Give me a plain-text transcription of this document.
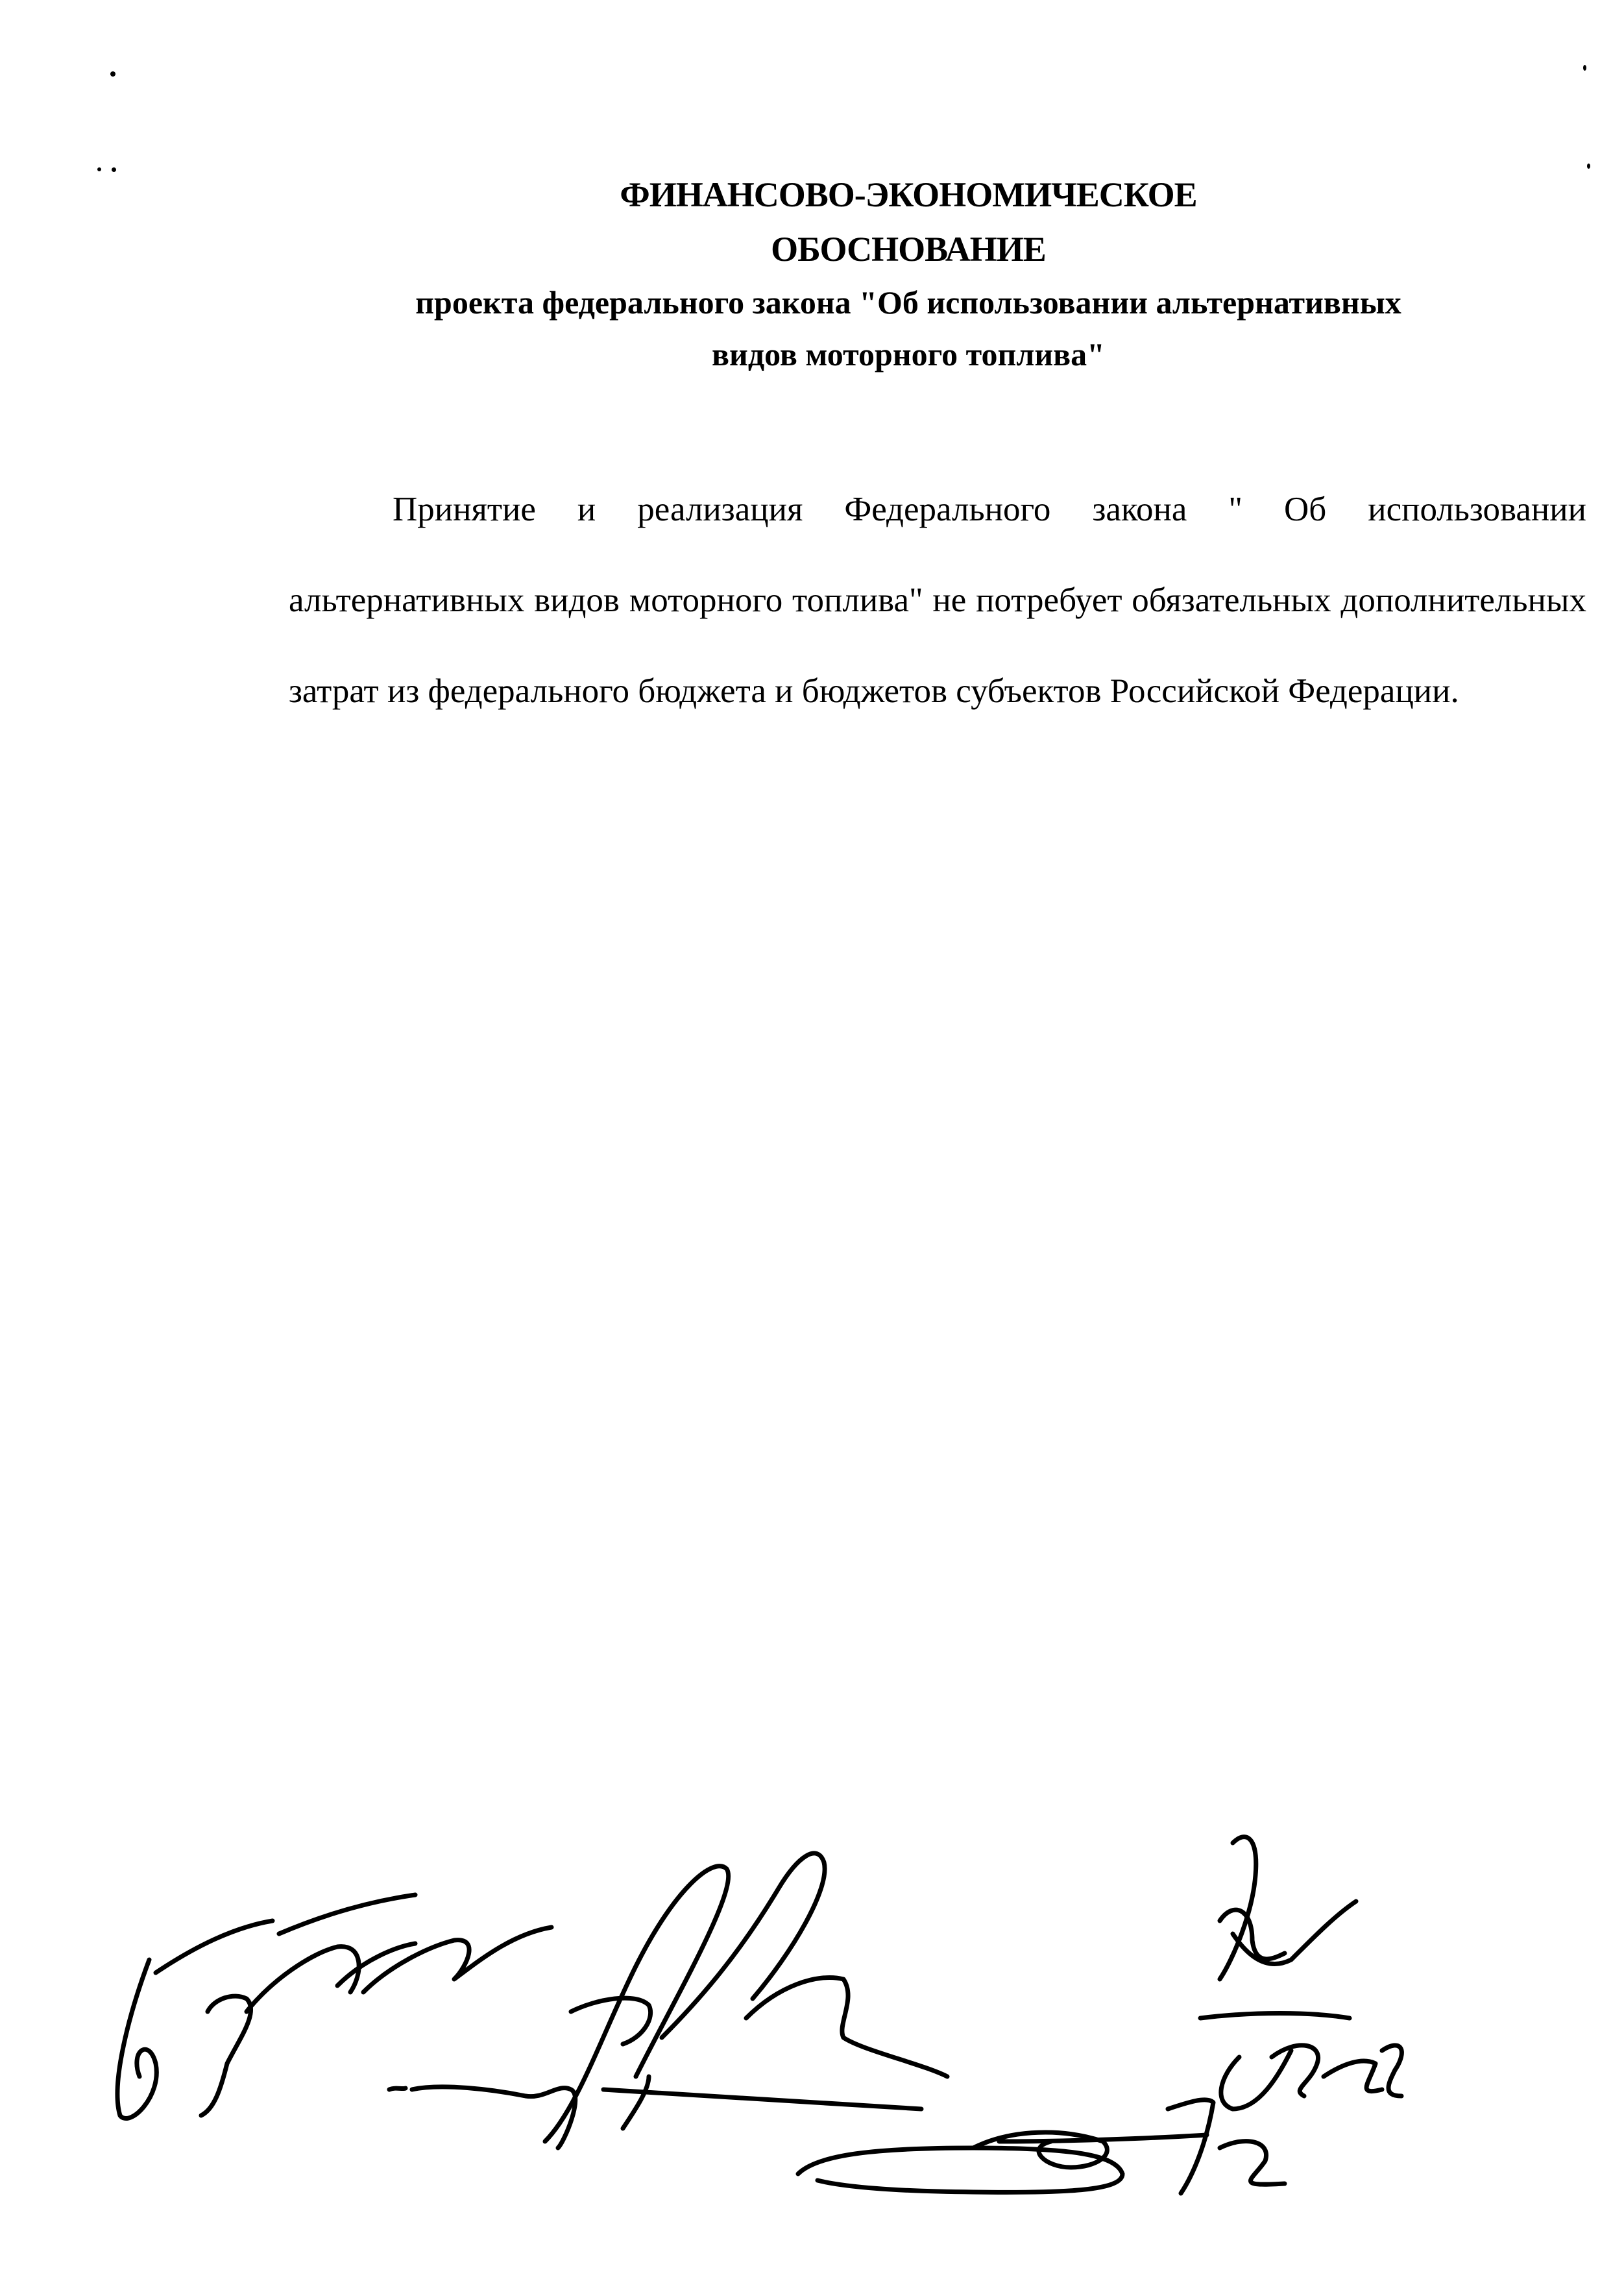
ФИНАНСОВО-ЭКОНОМИЧЕСКОЕ
ОБОСНОВАНИЕ
проекта федерального закона "Об использовании альтернативных
видов моторного топлива"

Принятие и реализация Федерального закона " Об использовании альтернативных видов моторного топлива" не потребует обязательных дополнительных затрат из федерального бюджета и бюджетов субъектов Российской Федерации.
